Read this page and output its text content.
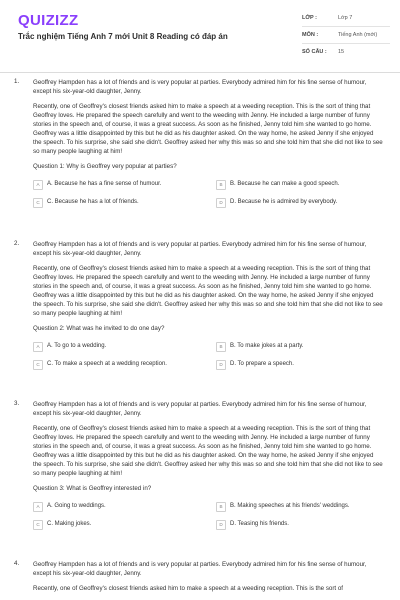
QUIZIZZ
Trắc nghiệm Tiếng Anh 7 mới Unit 8 Reading có đáp án
LỚP :	Lớp 7
MÔN :	Tiếng Anh (mới)
SỐ CÂU :	15
1. Geoffrey Hampden has a lot of friends and is very popular at parties. Everybody admired him for his fine sense of humour, except his six-year-old daughter, Jenny.

Recently, one of Geoffrey's closest friends asked him to make a speech at a weeding reception. This is the sort of thing that Geoffrey loves. He prepared the speech carefully and went to the weeding with Jenny. He included a large number of funny stories in the speech and, of course, it was a great success. As soon as he finished, Jenny told him she wanted to go home. Geoffrey was a little disappointed by this but he did as his daughter asked. On the way home, he asked Jenny if she enjoyed the speech. To his surprise, she said she didn't. Geoffrey asked her why this was so and she told him that she did not like to see so many people laughing at him!

Question 1: Why is Geoffrey very popular at parties?
A	A. Because he has a fine sense of humour.	B	B. Because he can make a good speech.
C	C. Because he has a lot of friends.	D	D. Because he is admired by everybody.
2. Geoffrey Hampden has a lot of friends and is very popular at parties. Everybody admired him for his fine sense of humour, except his six-year-old daughter, Jenny.

Recently, one of Geoffrey's closest friends asked him to make a speech at a weeding reception. This is the sort of thing that Geoffrey loves. He prepared the speech carefully and went to the weeding with Jenny. He included a large number of funny stories in the speech and, of course, it was a great success. As soon as he finished, Jenny told him she wanted to go home. Geoffrey was a little disappointed by this but he did as his daughter asked. On the way home, he asked Jenny if she enjoyed the speech. To his surprise, she said she didn't. Geoffrey asked her why this was so and she told him that she did not like to see so many people laughing at him!

Question 2: What was he invited to do one day?
A	A. To go to a wedding.	B	B. To make jokes at a party.
C	C. To make a speech at a wedding reception.	D	D. To prepare a speech.
3. Geoffrey Hampden has a lot of friends and is very popular at parties. Everybody admired him for his fine sense of humour, except his six-year-old daughter, Jenny.

Recently, one of Geoffrey's closest friends asked him to make a speech at a weeding reception. This is the sort of thing that Geoffrey loves. He prepared the speech carefully and went to the weeding with Jenny. He included a large number of funny stories in the speech and, of course, it was a great success. As soon as he finished, Jenny told him she wanted to go home. Geoffrey was a little disappointed by this but he did as his daughter asked. On the way home, he asked Jenny if she enjoyed the speech. To his surprise, she said she didn't. Geoffrey asked her why this was so and she told him that she did not like to see so many people laughing at him!

Question 3: What is Geoffrey interested in?
A	A. Going to weddings.	B	B. Making speeches at his friends' weddings.
C	C. Making jokes.	D	D. Teasing his friends.
4. Geoffrey Hampden has a lot of friends and is very popular at parties. Everybody admired him for his fine sense of humour, except his six-year-old daughter, Jenny.

Recently, one of Geoffrey's closest friends asked him to make a speech at a weeding reception. This is the sort of
